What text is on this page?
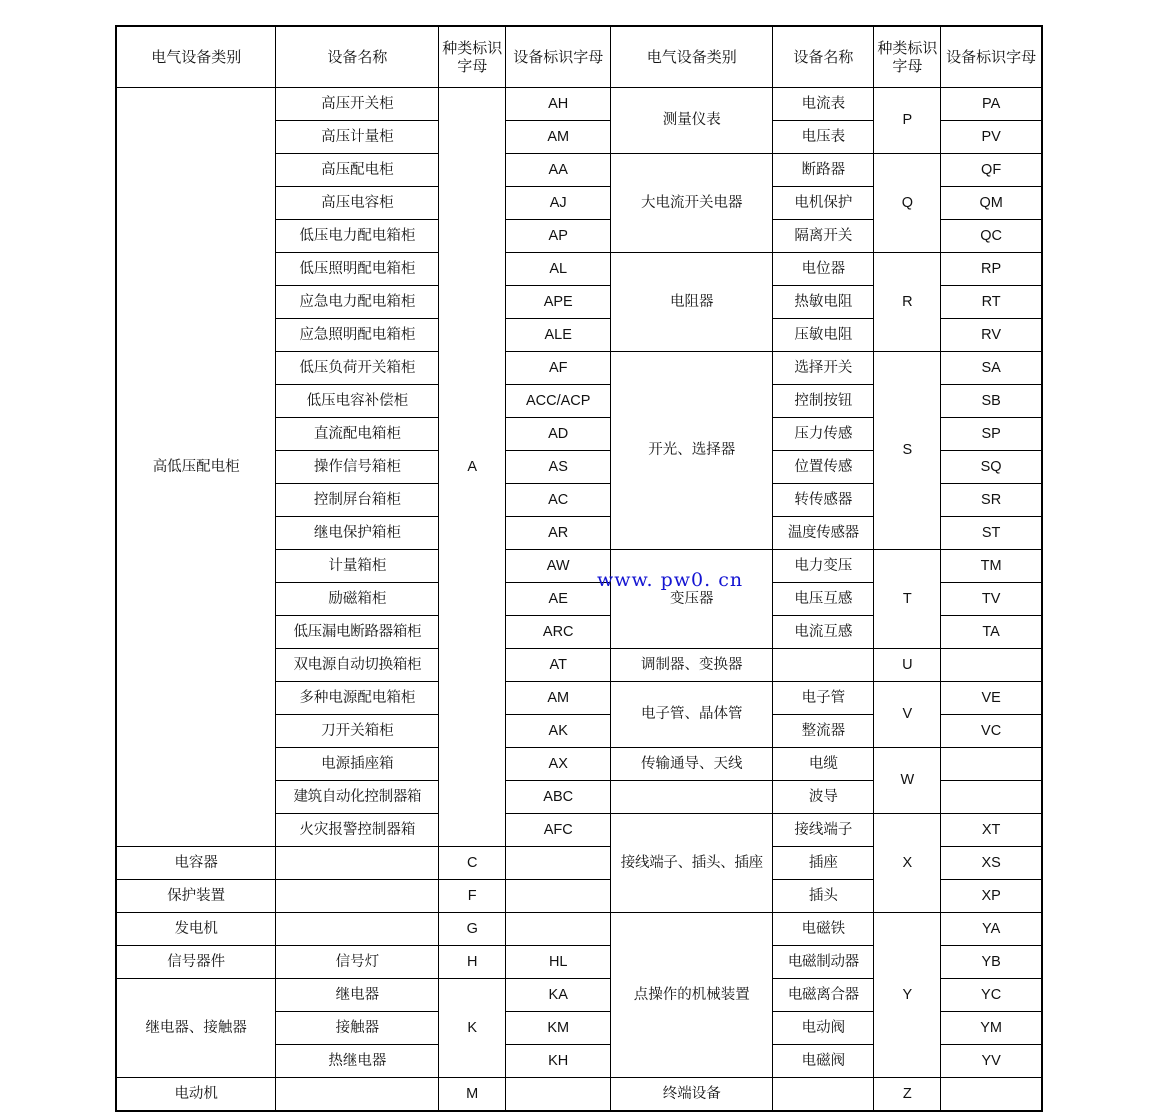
电气设备类别	设备名称	种类标识字母	设备标识字母	电气设备类别	设备名称	种类标识字母	设备标识字母
高低压配电柜	高压开关柜	A	AH	测量仪表	电流表	P	PA
	高压计量柜		AM		电压表		PV
	高压配电柜		AA	大电流开关电器	断路器	Q	QF
	高压电容柜		AJ		电机保护		QM
	低压电力配电箱柜		AP		隔离开关		QC
	低压照明配电箱柜		AL	电阻器	电位器	R	RP
	应急电力配电箱柜		APE		热敏电阻		RT
	应急照明配电箱柜		ALE		压敏电阻		RV
	低压负荷开关箱柜		AF	开光、选择器	选择开关	S	SA
	低压电容补偿柜		ACC/ACP		控制按钮		SB
	直流配电箱柜		AD		压力传感		SP
	操作信号箱柜		AS		位置传感		SQ
	控制屏台箱柜		AC		转传感器		SR
	继电保护箱柜		AR		温度传感器		ST
	计量箱柜		AW	变压器	电力变压	T	TM
	励磁箱柜		AE		电压互感		TV
	低压漏电断路器箱柜		ARC		电流互感		TA
	双电源自动切换箱柜		AT	调制器、变换器		U	
	多种电源配电箱柜		AM	电子管、晶体管	电子管	V	VE
	刀开关箱柜		AK		整流器		VC
	电源插座箱		AX	传输通导、天线	电缆	W	
	建筑自动化控制器箱		ABC		波导		
	火灾报警控制器箱		AFC	接线端子、插头、插座	接线端子	X	XT
电容器		C			插座		XS
保护装置		F			插头		XP
发电机		G		点操作的机械装置	电磁铁	Y	YA
信号器件	信号灯	H	HL		电磁制动器		YB
继电器、接触器	继电器	K	KA		电磁离合器		YC
	接触器		KM		电动阀		YM
	热继电器		KH		电磁阀		YV
电动机		M		终端设备		Z	
www. pw0. cn
